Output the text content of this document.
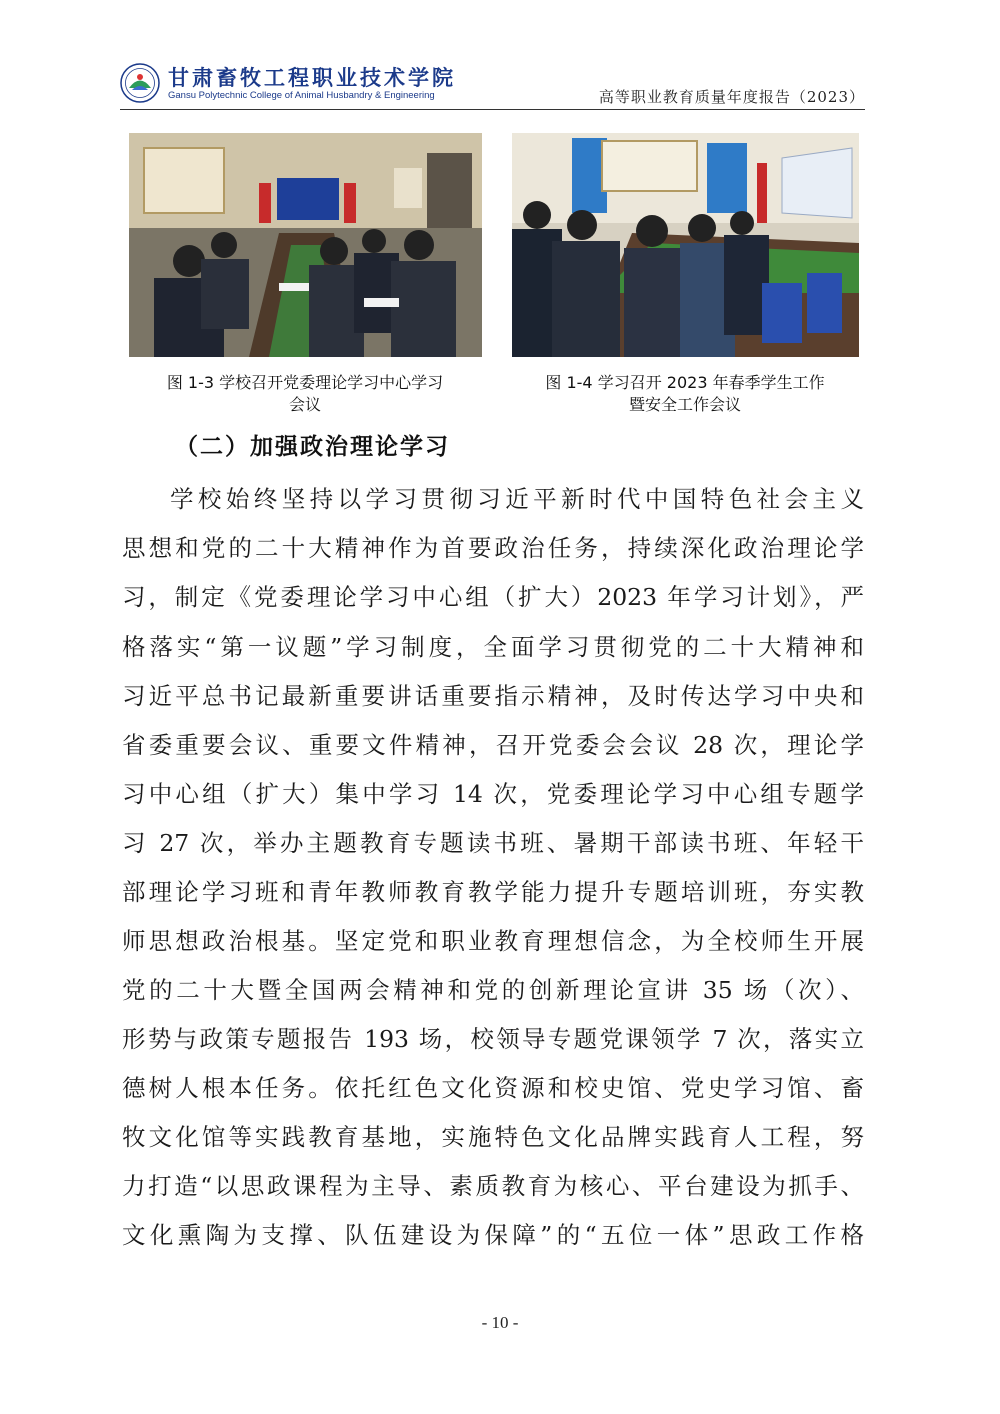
甘肃畜牧工程职业技术学院
Gansu Polytechnic College of Animal Husbandry & Engineering	高等职业教育质量年度报告（2023）
图 1-3 学校召开党委理论学习中心学习
会议
图 1-4 学习召开 2023 年春季学生工作
暨安全工作会议
（二）加强政治理论学习
学校始终坚持以学习贯彻习近平新时代中国特色社会主义
思想和党的二十大精神作为首要政治任务，持续深化政治理论学
习，制定《党委理论学习中心组（扩大）2023 年学习计划》，严
格落实“第一议题”学习制度，全面学习贯彻党的二十大精神和
习近平总书记最新重要讲话重要指示精神，及时传达学习中央和
省委重要会议、重要文件精神，召开党委会会议 28 次，理论学
习中心组（扩大）集中学习 14 次，党委理论学习中心组专题学
习 27 次，举办主题教育专题读书班、暑期干部读书班、年轻干
部理论学习班和青年教师教育教学能力提升专题培训班，夯实教
师思想政治根基。坚定党和职业教育理想信念，为全校师生开展
党的二十大暨全国两会精神和党的创新理论宣讲 35 场（次）、
形势与政策专题报告 193 场，校领导专题党课领学 7 次，落实立
德树人根本任务。依托红色文化资源和校史馆、党史学习馆、畜
牧文化馆等实践教育基地，实施特色文化品牌实践育人工程，努
力打造“以思政课程为主导、素质教育为核心、平台建设为抓手、
文化熏陶为支撑、队伍建设为保障”的“五位一体”思政工作格
- 10 -
